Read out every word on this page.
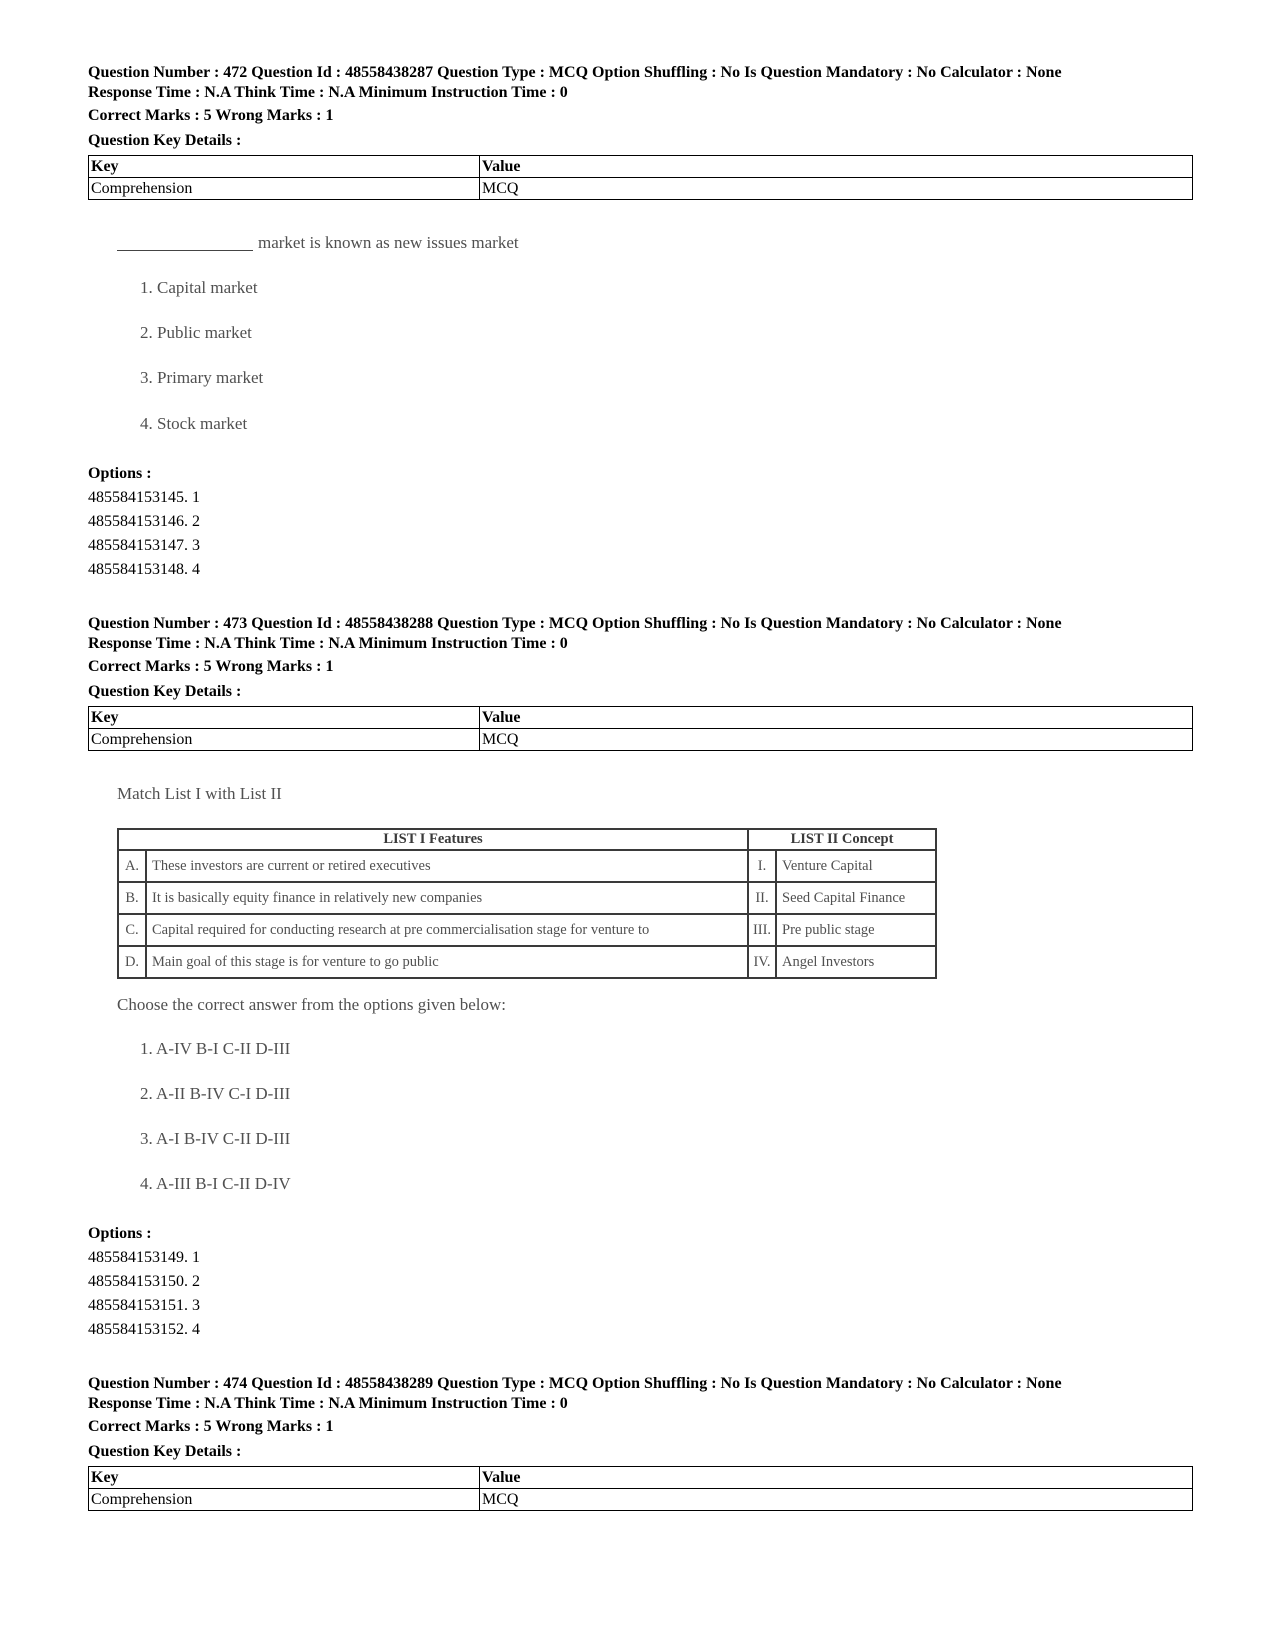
Question Number : 472 Question Id : 48558438287 Question Type : MCQ Option Shuffling : No Is Question Mandatory : No Calculator : None
Response Time : N.A Think Time : N.A Minimum Instruction Time : 0
Correct Marks : 5 Wrong Marks : 1
Question Key Details :
Key	Value
Comprehension	MCQ
market is known as new issues market
1. Capital market
2. Public market
3. Primary market
4. Stock market
Options :
485584153145. 1
485584153146. 2
485584153147. 3
485584153148. 4
Question Number : 473 Question Id : 48558438288 Question Type : MCQ Option Shuffling : No Is Question Mandatory : No Calculator : None
Response Time : N.A Think Time : N.A Minimum Instruction Time : 0
Correct Marks : 5 Wrong Marks : 1
Question Key Details :
Key	Value
Comprehension	MCQ
Match List I with List II
LIST I Features		LIST II Concept	
A.	These investors are current or retired executives	I.	Venture Capital
B.	It is basically equity finance in relatively new companies	II.	Seed Capital Finance
C.	Capital required for conducting research at pre commercialisation stage for venture to	III.	Pre public stage
D.	Main goal of this stage is for venture to go public	IV.	Angel Investors
Choose the correct answer from the options given below:
1. A-IV B-I C-II D-III
2. A-II B-IV C-I D-III
3. A-I B-IV C-II D-III
4. A-III B-I C-II D-IV
Options :
485584153149. 1
485584153150. 2
485584153151. 3
485584153152. 4
Question Number : 474 Question Id : 48558438289 Question Type : MCQ Option Shuffling : No Is Question Mandatory : No Calculator : None
Response Time : N.A Think Time : N.A Minimum Instruction Time : 0
Correct Marks : 5 Wrong Marks : 1
Question Key Details :
Key	Value
Comprehension	MCQ
